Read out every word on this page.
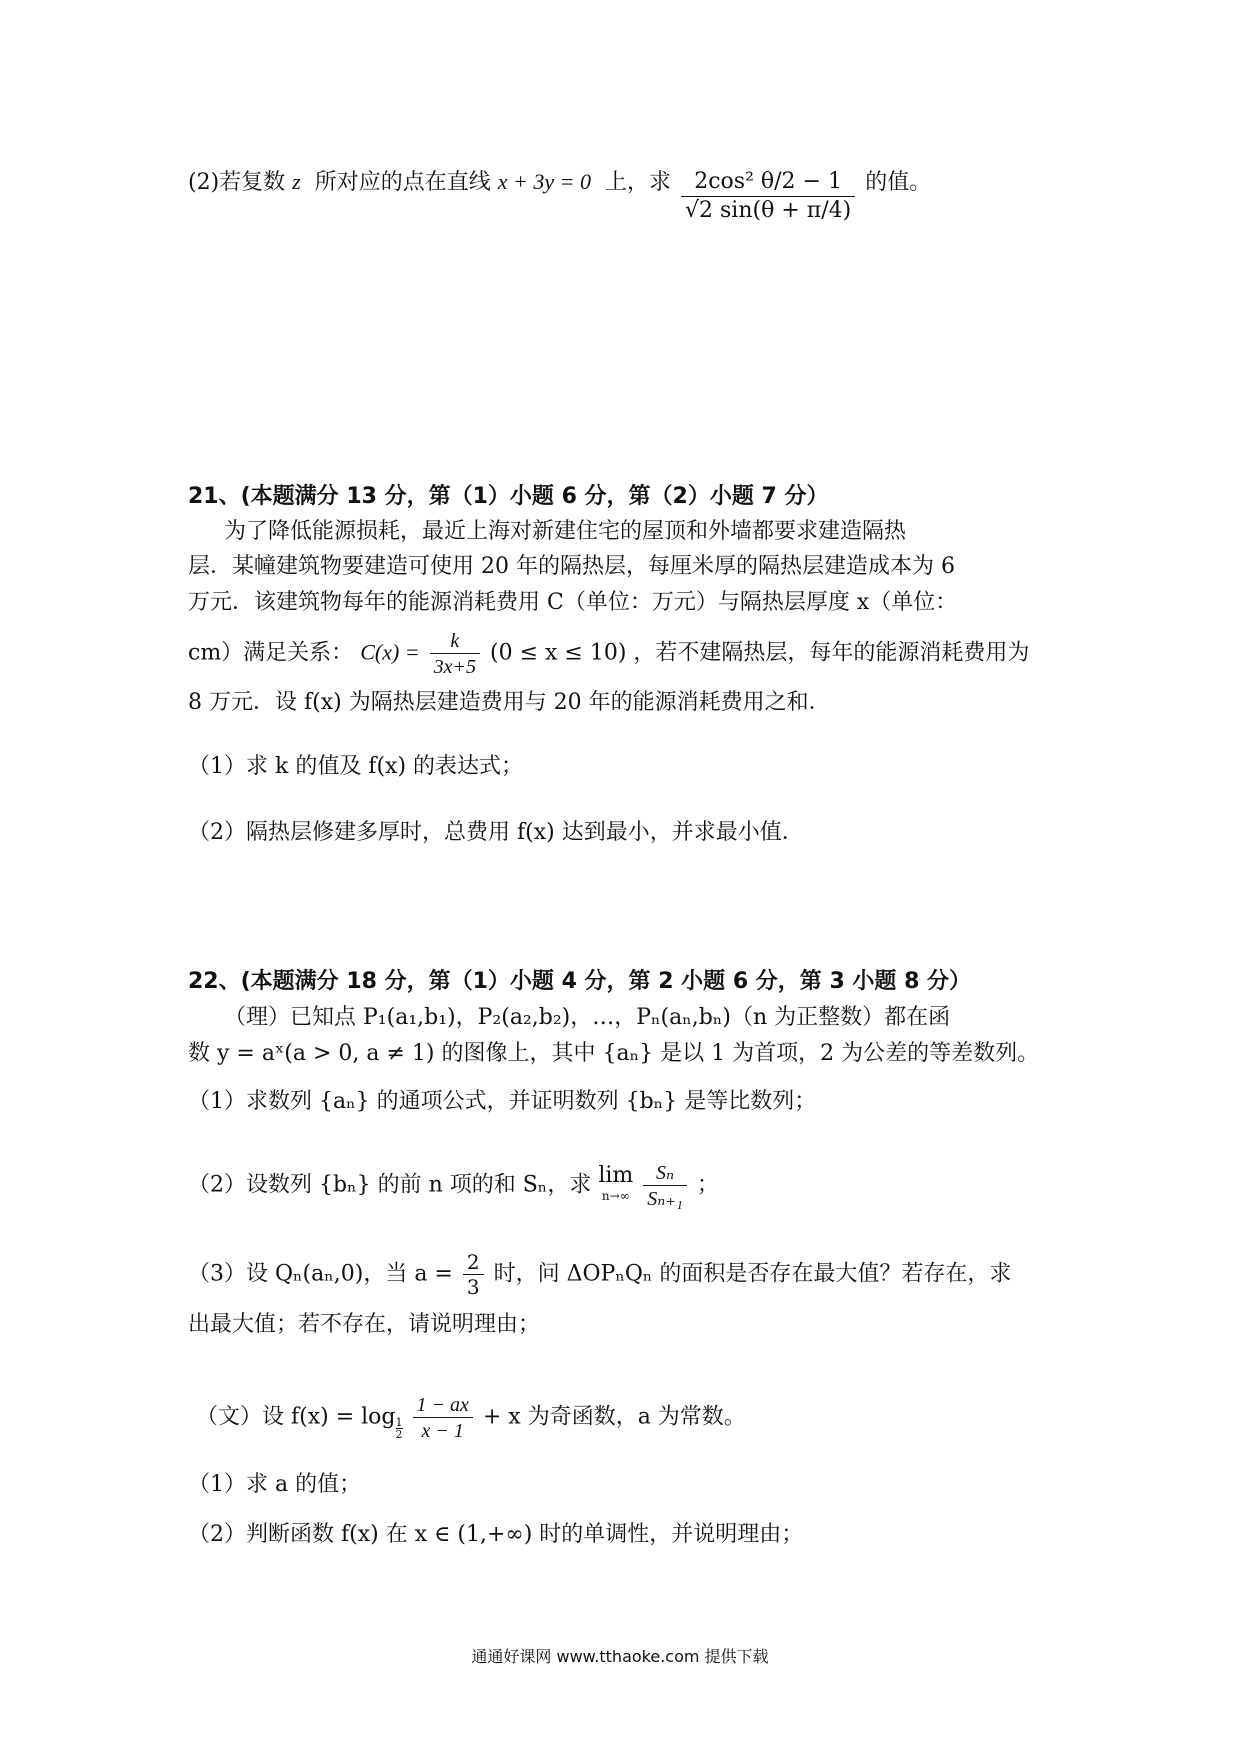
(2)若复数 z 所对应的点在直线 x + 3y = 0 上，求 $\frac{\text{2cos² θ/2 − 1}}{√2 \sin(\theta + \pi/4)}$ 的值。
21、(本题满分 13 分，第（1）小题 6 分，第（2）小题 7 分）
为了降低能源损耗，最近上海对新建住宅的屋顶和外墙都要求建造隔热
层．某幢建筑物要建造可使用 20 年的隔热层，每厘米厚的隔热层建造成本为 6
万元．该建筑物每年的能源消耗费用 C（单位：万元）与隔热层厚度 x（单位：
cm）满足关系： $C(x) = \frac{k}{3x+5} (0 \le x \le 10)$ ，若不建隔热层，每年的能源消耗费用为
8 万元．设 f(x) 为隔热层建造费用与 20 年的能源消耗费用之和．
（1）求 k 的值及 f(x) 的表达式；
（2）隔热层修建多厚时，总费用 f(x) 达到最小，并求最小值．
22、(本题满分 18 分，第（1）小题 4 分，第 2 小题 6 分，第 3 小题 8 分）
（理）已知点 P₁(a₁,b₁)，P₂(a₂,b₂)，…，Pₙ(aₙ,bₙ)（n 为正整数）都在函
数 y = aˣ(a > 0, a ≠ 1) 的图像上，其中 {aₙ} 是以 1 为首项，2 为公差的等差数列。
（1）求数列 {aₙ} 的通项公式，并证明数列 {bₙ} 是等比数列；
（2）设数列 {bₙ} 的前 n 项的和 Sₙ，求 lim
n→∞
$\frac{\text{Sₙ}}{\text{Sₙ₊₁}}$ ；
（3）设 Qₙ(aₙ,0)，当 $a = \frac{2}{3}$ 时，问 ΔOPₙQₙ 的面积是否存在最大值？若存在，求
出最大值；若不存在，请说明理由；
（文）设 $f(x) = \log \frac{1}{2}$
$\frac{1 - ax}{x - 1} + x$ 为奇函数，a 为常数。
（1）求 a 的值；
（2）判断函数 f(x) 在 x ∈ (1,+∞) 时的单调性，并说明理由；
通通好课网 www.tthaoke.com 提供下载
